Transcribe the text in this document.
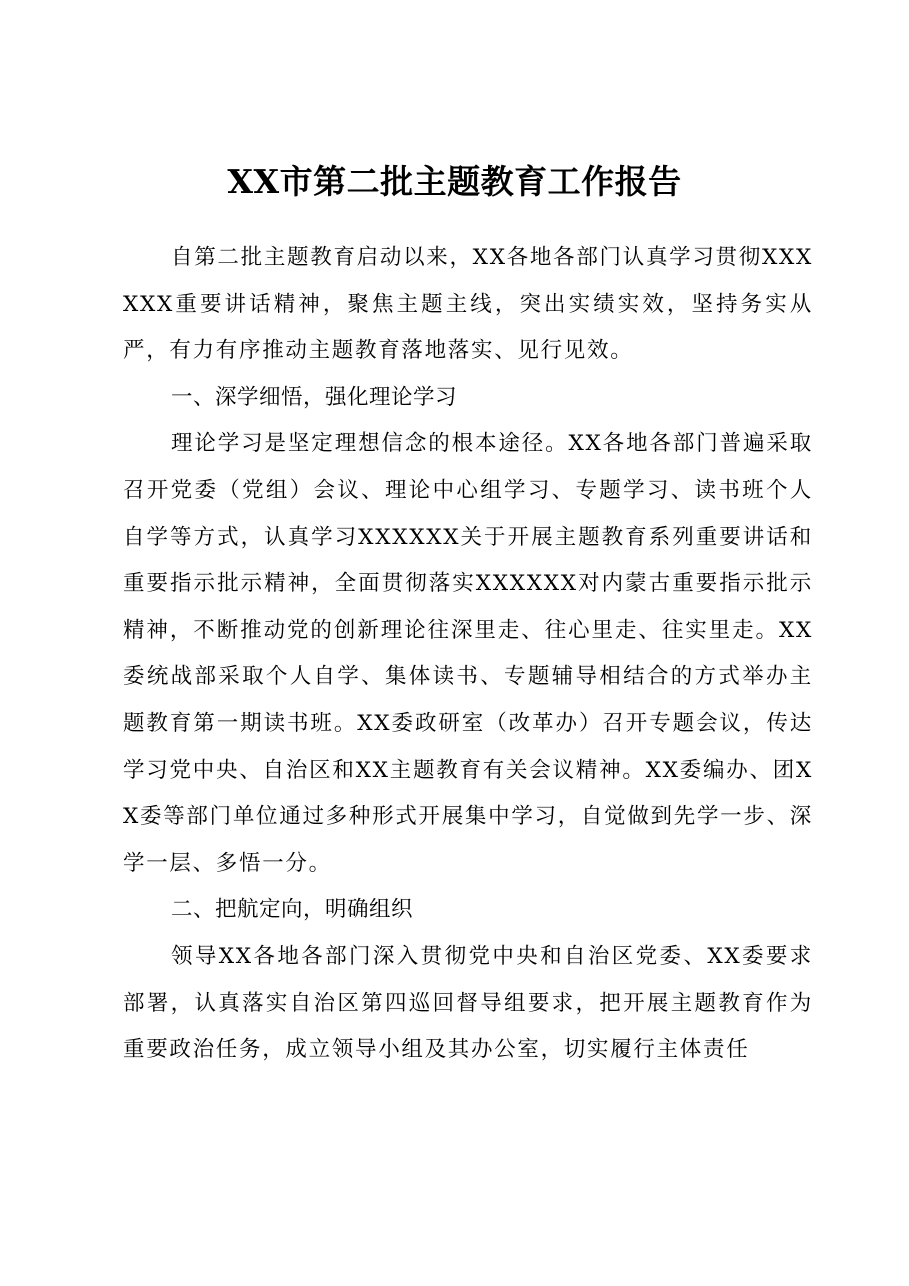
XX市第二批主题教育工作报告

自第二批主题教育启动以来，XX各地各部门认真学习贯彻XXXXXX重要讲话精神，聚焦主题主线，突出实绩实效，坚持务实从严，有力有序推动主题教育落地落实、见行见效。

一、深学细悟，强化理论学习

理论学习是坚定理想信念的根本途径。XX各地各部门普遍采取召开党委（党组）会议、理论中心组学习、专题学习、读书班个人自学等方式，认真学习XXXXXX关于开展主题教育系列重要讲话和重要指示批示精神，全面贯彻落实XXXXXX对内蒙古重要指示批示精神，不断推动党的创新理论往深里走、往心里走、往实里走。XX委统战部采取个人自学、集体读书、专题辅导相结合的方式举办主题教育第一期读书班。XX委政研室（改革办）召开专题会议，传达学习党中央、自治区和XX主题教育有关会议精神。XX委编办、团XX委等部门单位通过多种形式开展集中学习，自觉做到先学一步、深学一层、多悟一分。

二、把航定向，明确组织

领导XX各地各部门深入贯彻党中央和自治区党委、XX委要求部署，认真落实自治区第四巡回督导组要求，把开展主题教育作为重要政治任务，成立领导小组及其办公室，切实履行主体责任
